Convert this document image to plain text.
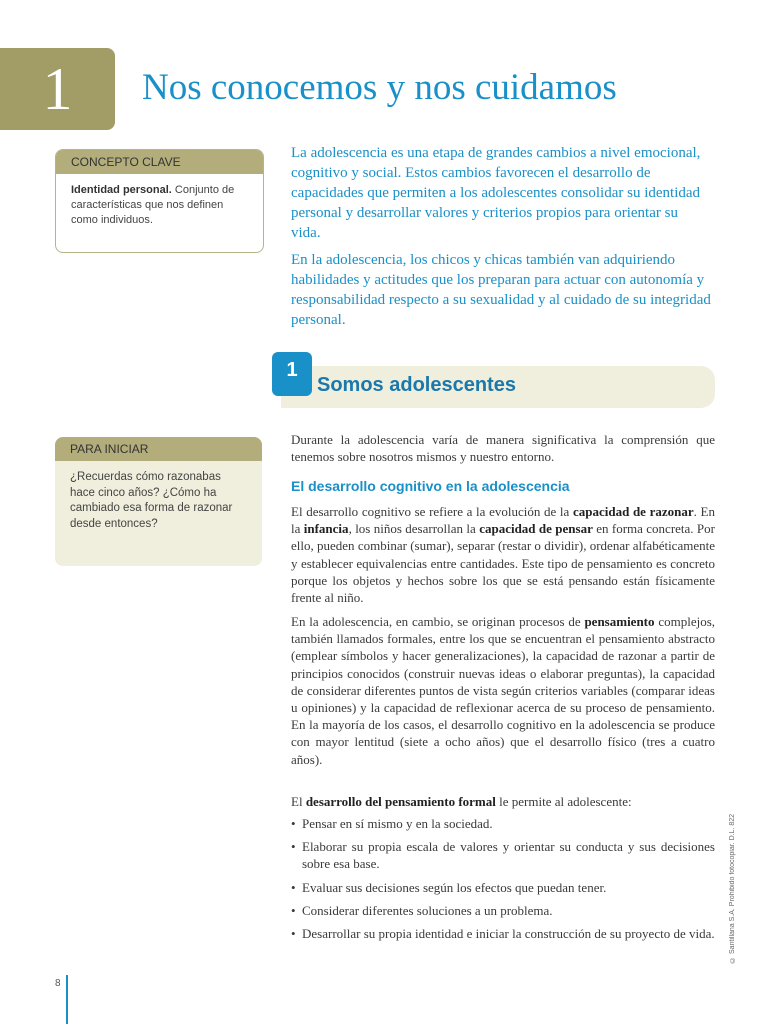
1	Nos conocemos y nos cuidamos
CONCEPTO CLAVE
Identidad personal. Conjunto de características que nos definen como individuos.

La adolescencia es una etapa de grandes cambios a nivel emocional, cognitivo y social. Estos cambios favorecen el desarrollo de capacidades que permiten a los adolescentes consolidar su identidad personal y desarrollar valores y criterios propios para orientar su vida.

En la adolescencia, los chicos y chicas también van adquiriendo habilidades y actitudes que los preparan para actuar con autonomía y responsabilidad respecto a su sexualidad y al cuidado de su integridad personal.

1
Somos adolescentes
PARA INICIAR
¿Recuerdas cómo razonabas hace cinco años? ¿Cómo ha cambiado esa forma de razonar desde entonces?

Durante la adolescencia varía de manera significativa la comprensión que tenemos sobre nosotros mismos y nuestro entorno.

El desarrollo cognitivo en la adolescencia

El desarrollo cognitivo se refiere a la evolución de la capacidad de razonar. En la infancia, los niños desarrollan la capacidad de pensar en forma concreta. Por ello, pueden combinar (sumar), separar (restar o dividir), ordenar alfabéticamente y establecer equivalencias entre cantidades. Este tipo de pensamiento es concreto porque los objetos y hechos sobre los que se está pensando están físicamente frente al niño.

En la adolescencia, en cambio, se originan procesos de pensamiento complejos, también llamados formales, entre los que se encuentran el pensamiento abstracto (emplear símbolos y hacer generalizaciones), la capacidad de razonar a partir de principios conocidos (construir nuevas ideas o elaborar preguntas), la capacidad de considerar diferentes puntos de vista según criterios variables (comparar ideas u opiniones) y la capacidad de reflexionar acerca de su proceso de pensamiento. En la mayoría de los casos, el desarrollo cognitivo en la adolescencia se produce con mayor lentitud (siete a ocho años) que el desarrollo físico (tres a cuatro años).

El desarrollo del pensamiento formal le permite al adolescente:

• Pensar en sí mismo y en la sociedad.
• Elaborar su propia escala de valores y orientar su conducta y sus decisiones sobre esa base.
• Evaluar sus decisiones según los efectos que puedan tener.
• Considerar diferentes soluciones a un problema.
• Desarrollar su propia identidad e iniciar la construcción de su proyecto de vida. © Santillana S.A. Prohibido fotocopiar. D.L. 822
8
